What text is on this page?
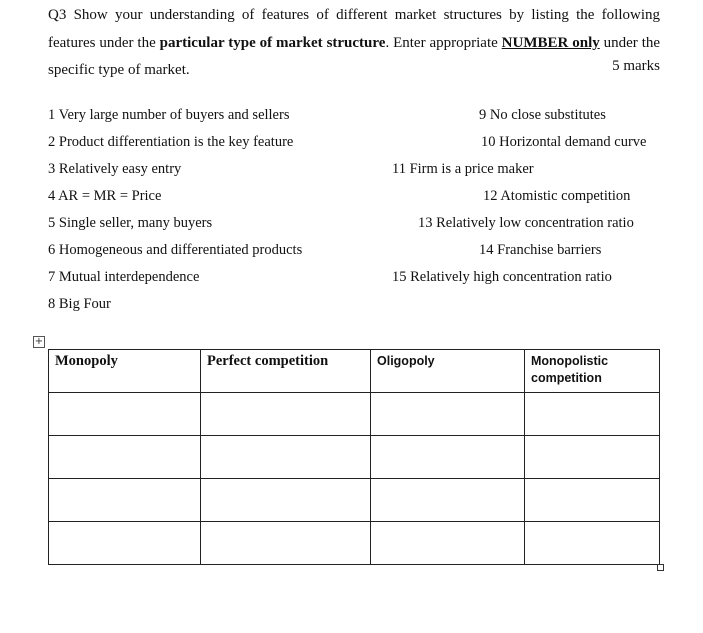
Q3 Show your understanding of features of different market structures by listing the following features under the particular type of market structure. Enter appropriate NUMBER only under the specific type of market.	5 marks
1 Very large number of buyers and sellers
2 Product differentiation is the key feature
3 Relatively easy entry
4 AR = MR = Price
5 Single seller, many buyers
6 Homogeneous and differentiated products
7 Mutual interdependence
8 Big Four
9 No close substitutes
10 Horizontal demand curve
11 Firm is a price maker
12 Atomistic competition
13 Relatively low concentration ratio
14 Franchise barriers
15 Relatively high concentration ratio
+
Monopoly	Perfect competition	Oligopoly	Monopolistic competition
